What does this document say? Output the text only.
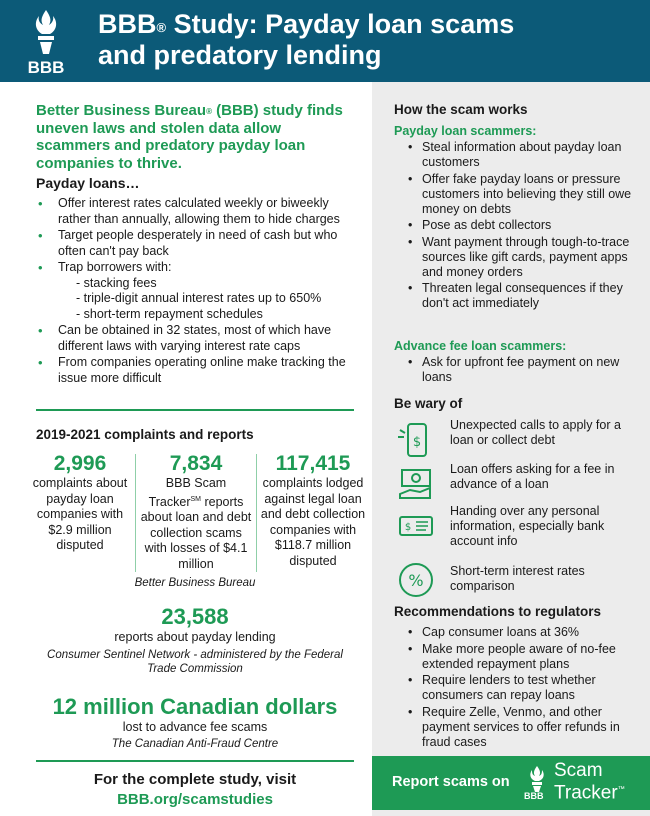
BBB
BBB® Study: Payday loan scams
and predatory lending
Better Business Bureau® (BBB) study finds uneven laws and stolen data allow scammers and predatory payday loan companies to thrive.
Payday loans…
• Offer interest rates calculated weekly or biweekly rather than annually, allowing them to hide charges
• Target people desperately in need of cash but who often can't pay back
• Trap borrowers with:
- stacking fees
- triple-digit annual interest rates up to 650%
- short-term repayment schedules
• Can be obtained in 32 states, most of which have different laws with varying interest rate caps
• From companies operating online make tracking the issue more difficult
2019-2021 complaints and reports
2,996
complaints about payday loan companies with $2.9 million disputed
7,834
BBB Scam Tracker℠ reports about loan and debt collection scams with losses of $4.1 million
117,415
complaints lodged against legal loan and debt collection companies with $118.7 million disputed
Better Business Bureau
23,588
reports about payday lending
Consumer Sentinel Network - administered by the Federal Trade Commission
12 million Canadian dollars
lost to advance fee scams
The Canadian Anti-Fraud Centre
For the complete study, visit
BBB.org/scamstudies
How the scam works
Payday loan scammers:
• Steal information about payday loan customers
• Offer fake payday loans or pressure customers into believing they still owe money on debts
• Pose as debt collectors
• Want payment through tough-to-trace sources like gift cards, payment apps and money orders
• Threaten legal consequences if they don't act immediately
Advance fee loan scammers:
• Ask for upfront fee payment on new loans
Be wary of
$
Unexpected calls to apply for a loan or collect debt
Loan offers asking for a fee in advance of a loan
$
Handing over any personal information, especially bank account info
% Short-term interest rates comparison
Recommendations to regulators
• Cap consumer loans at 36%
• Make more people aware of no-fee extended repayment plans
• Require lenders to test whether consumers can repay loans
• Require Zelle, Venmo, and other payment services to offer refunds in fraud cases
Report scams on
BBB
Scam
Tracker™
